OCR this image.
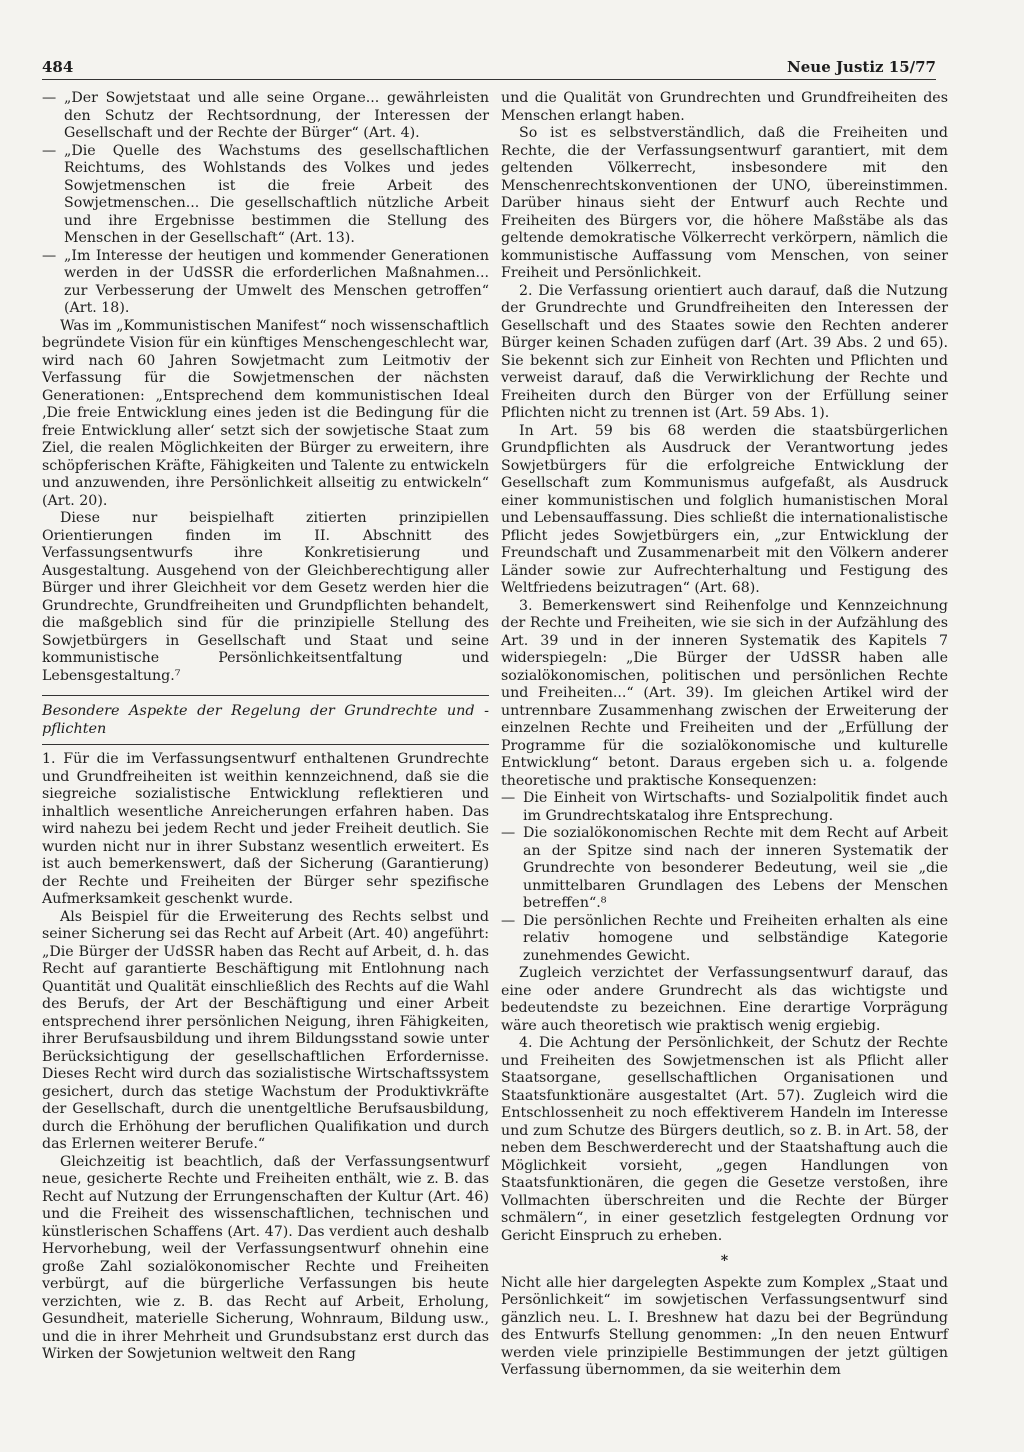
484	Neue Justiz 15/77
— „Der Sowjetstaat und alle seine Organe... gewährleisten den Schutz der Rechtsordnung, der Interessen der Gesellschaft und der Rechte der Bürger“ (Art. 4).
— „Die Quelle des Wachstums des gesellschaftlichen Reichtums, des Wohlstands des Volkes und jedes Sowjetmenschen ist die freie Arbeit des Sowjetmenschen... Die gesellschaftlich nützliche Arbeit und ihre Ergebnisse bestimmen die Stellung des Menschen in der Gesellschaft“ (Art. 13).
— „Im Interesse der heutigen und kommender Generationen werden in der UdSSR die erforderlichen Maßnahmen... zur Verbesserung der Umwelt des Menschen getroffen“ (Art. 18).

Was im „Kommunistischen Manifest“ noch wissenschaftlich begründete Vision für ein künftiges Menschengeschlecht war, wird nach 60 Jahren Sowjetmacht zum Leitmotiv der Verfassung für die Sowjetmenschen der nächsten Generationen: „Entsprechend dem kommunistischen Ideal ‚Die freie Entwicklung eines jeden ist die Bedingung für die freie Entwicklung aller‘ setzt sich der sowjetische Staat zum Ziel, die realen Möglichkeiten der Bürger zu erweitern, ihre schöpferischen Kräfte, Fähigkeiten und Talente zu entwickeln und anzuwenden, ihre Persönlichkeit allseitig zu entwickeln“ (Art. 20).

Diese nur beispielhaft zitierten prinzipiellen Orientierungen finden im II. Abschnitt des Verfassungsentwurfs ihre Konkretisierung und Ausgestaltung. Ausgehend von der Gleichberechtigung aller Bürger und ihrer Gleichheit vor dem Gesetz werden hier die Grundrechte, Grundfreiheiten und Grundpflichten behandelt, die maßgeblich sind für die prinzipielle Stellung des Sowjetbürgers in Gesellschaft und Staat und seine kommunistische Persönlichkeitsentfaltung und Lebensgestaltung.⁷

Besondere Aspekte der Regelung der Grundrechte und -pflichten

1. Für die im Verfassungsentwurf enthaltenen Grundrechte und Grundfreiheiten ist weithin kennzeichnend, daß sie die siegreiche sozialistische Entwicklung reflektieren und inhaltlich wesentliche Anreicherungen erfahren haben. Das wird nahezu bei jedem Recht und jeder Freiheit deutlich. Sie wurden nicht nur in ihrer Substanz wesentlich erweitert. Es ist auch bemerkenswert, daß der Sicherung (Garantierung) der Rechte und Freiheiten der Bürger sehr spezifische Aufmerksamkeit geschenkt wurde.

Als Beispiel für die Erweiterung des Rechts selbst und seiner Sicherung sei das Recht auf Arbeit (Art. 40) angeführt: „Die Bürger der UdSSR haben das Recht auf Arbeit, d. h. das Recht auf garantierte Beschäftigung mit Entlohnung nach Quantität und Qualität einschließlich des Rechts auf die Wahl des Berufs, der Art der Beschäftigung und einer Arbeit entsprechend ihrer persönlichen Neigung, ihren Fähigkeiten, ihrer Berufsausbildung und ihrem Bildungsstand sowie unter Berücksichtigung der gesellschaftlichen Erfordernisse. Dieses Recht wird durch das sozialistische Wirtschaftssystem gesichert, durch das stetige Wachstum der Produktivkräfte der Gesellschaft, durch die unentgeltliche Berufsausbildung, durch die Erhöhung der beruflichen Qualifikation und durch das Erlernen weiterer Berufe.“

Gleichzeitig ist beachtlich, daß der Verfassungsentwurf neue, gesicherte Rechte und Freiheiten enthält, wie z. B. das Recht auf Nutzung der Errungenschaften der Kultur (Art. 46) und die Freiheit des wissenschaftlichen, technischen und künstlerischen Schaffens (Art. 47). Das verdient auch deshalb Hervorhebung, weil der Verfassungsentwurf ohnehin eine große Zahl sozialökonomischer Rechte und Freiheiten verbürgt, auf die bürgerliche Verfassungen bis heute verzichten, wie z. B. das Recht auf Arbeit, Erholung, Gesundheit, materielle Sicherung, Wohnraum, Bildung usw., und die in ihrer Mehrheit und Grundsubstanz erst durch das Wirken der Sowjetunion weltweit den Rang

und die Qualität von Grundrechten und Grundfreiheiten des Menschen erlangt haben.

So ist es selbstverständlich, daß die Freiheiten und Rechte, die der Verfassungsentwurf garantiert, mit dem geltenden Völkerrecht, insbesondere mit den Menschenrechtskonventionen der UNO, übereinstimmen. Darüber hinaus sieht der Entwurf auch Rechte und Freiheiten des Bürgers vor, die höhere Maßstäbe als das geltende demokratische Völkerrecht verkörpern, nämlich die kommunistische Auffassung vom Menschen, von seiner Freiheit und Persönlichkeit.

2. Die Verfassung orientiert auch darauf, daß die Nutzung der Grundrechte und Grundfreiheiten den Interessen der Gesellschaft und des Staates sowie den Rechten anderer Bürger keinen Schaden zufügen darf (Art. 39 Abs. 2 und 65). Sie bekennt sich zur Einheit von Rechten und Pflichten und verweist darauf, daß die Verwirklichung der Rechte und Freiheiten durch den Bürger von der Erfüllung seiner Pflichten nicht zu trennen ist (Art. 59 Abs. 1).

In Art. 59 bis 68 werden die staatsbürgerlichen Grundpflichten als Ausdruck der Verantwortung jedes Sowjetbürgers für die erfolgreiche Entwicklung der Gesellschaft zum Kommunismus aufgefaßt, als Ausdruck einer kommunistischen und folglich humanistischen Moral und Lebensauffassung. Dies schließt die internationalistische Pflicht jedes Sowjetbürgers ein, „zur Entwicklung der Freundschaft und Zusammenarbeit mit den Völkern anderer Länder sowie zur Aufrechterhaltung und Festigung des Weltfriedens beizutragen“ (Art. 68).

3. Bemerkenswert sind Reihenfolge und Kennzeichnung der Rechte und Freiheiten, wie sie sich in der Aufzählung des Art. 39 und in der inneren Systematik des Kapitels 7 widerspiegeln: „Die Bürger der UdSSR haben alle sozialökonomischen, politischen und persönlichen Rechte und Freiheiten...“ (Art. 39). Im gleichen Artikel wird der untrennbare Zusammenhang zwischen der Erweiterung der einzelnen Rechte und Freiheiten und der „Erfüllung der Programme für die sozialökonomische und kulturelle Entwicklung“ betont. Daraus ergeben sich u. a. folgende theoretische und praktische Konsequenzen:

— Die Einheit von Wirtschafts- und Sozialpolitik findet auch im Grundrechtskatalog ihre Entsprechung.
— Die sozialökonomischen Rechte mit dem Recht auf Arbeit an der Spitze sind nach der inneren Systematik der Grundrechte von besonderer Bedeutung, weil sie „die unmittelbaren Grundlagen des Lebens der Menschen betreffen“.⁸
— Die persönlichen Rechte und Freiheiten erhalten als eine relativ homogene und selbständige Kategorie zunehmendes Gewicht.

Zugleich verzichtet der Verfassungsentwurf darauf, das eine oder andere Grundrecht als das wichtigste und bedeutendste zu bezeichnen. Eine derartige Vorprägung wäre auch theoretisch wie praktisch wenig ergiebig.

4. Die Achtung der Persönlichkeit, der Schutz der Rechte und Freiheiten des Sowjetmenschen ist als Pflicht aller Staatsorgane, gesellschaftlichen Organisationen und Staatsfunktionäre ausgestaltet (Art. 57). Zugleich wird die Entschlossenheit zu noch effektiverem Handeln im Interesse und zum Schutze des Bürgers deutlich, so z. B. in Art. 58, der neben dem Beschwerderecht und der Staatshaftung auch die Möglichkeit vorsieht, „gegen Handlungen von Staatsfunktionären, die gegen die Gesetze verstoßen, ihre Vollmachten überschreiten und die Rechte der Bürger schmälern“, in einer gesetzlich festgelegten Ordnung vor Gericht Einspruch zu erheben.

*

Nicht alle hier dargelegten Aspekte zum Komplex „Staat und Persönlichkeit“ im sowjetischen Verfassungsentwurf sind gänzlich neu. L. I. Breshnew hat dazu bei der Begründung des Entwurfs Stellung genommen: „In den neuen Entwurf werden viele prinzipielle Bestimmungen der jetzt gültigen Verfassung übernommen, da sie weiterhin dem
